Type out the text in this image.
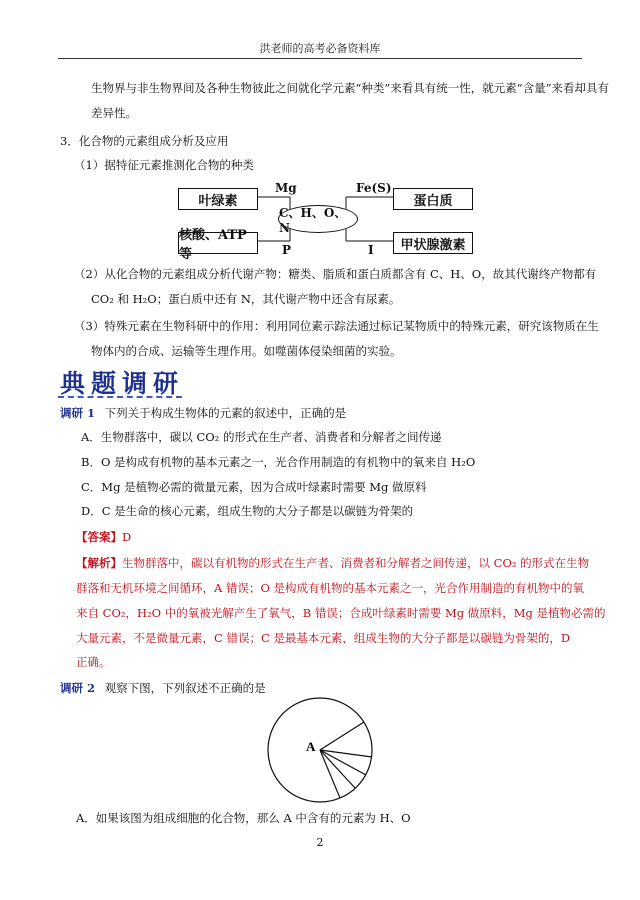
洪老师的高考必备资料库
生物界与非生物界间及各种生物彼此之间就化学元素“种类”来看具有统一性，就元素“含量”来看却具有
差异性。
3．化合物的元素组成分析及应用
（1）据特征元素推测化合物的种类
叶绿素
核酸、ATP 等
蛋白质
甲状腺激素
C、H、O、N
Mg	Fe(S)
P	I
（2）从化合物的元素组成分析代谢产物：糖类、脂质和蛋白质都含有 C、H、O，故其代谢终产物都有
CO₂ 和 H₂O；蛋白质中还有 N，其代谢产物中还含有尿素。
（3）特殊元素在生物科研中的作用：利用同位素示踪法通过标记某物质中的特殊元素，研究该物质在生
物体内的合成、运输等生理作用。如噬菌体侵染细菌的实验。
典题调研
调研 1 下列关于构成生物体的元素的叙述中，正确的是
A．生物群落中，碳以 CO₂ 的形式在生产者、消费者和分解者之间传递
B．O 是构成有机物的基本元素之一，光合作用制造的有机物中的氧来自 H₂O
C．Mg 是植物必需的微量元素，因为合成叶绿素时需要 Mg 做原料
D．C 是生命的核心元素，组成生物的大分子都是以碳链为骨架的
【答案】D
【解析】生物群落中，碳以有机物的形式在生产者、消费者和分解者之间传递，以 CO₂ 的形式在生物
群落和无机环境之间循环，A 错误；O 是构成有机物的基本元素之一，光合作用制造的有机物中的氧
来自 CO₂，H₂O 中的氧被光解产生了氧气，B 错误；合成叶绿素时需要 Mg 做原料，Mg 是植物必需的
大量元素，不是微量元素，C 错误；C 是最基本元素，组成生物的大分子都是以碳链为骨架的，D
正确。
调研 2 观察下图，下列叙述不正确的是
A
A．如果该图为组成细胞的化合物，那么 A 中含有的元素为 H、O
2
